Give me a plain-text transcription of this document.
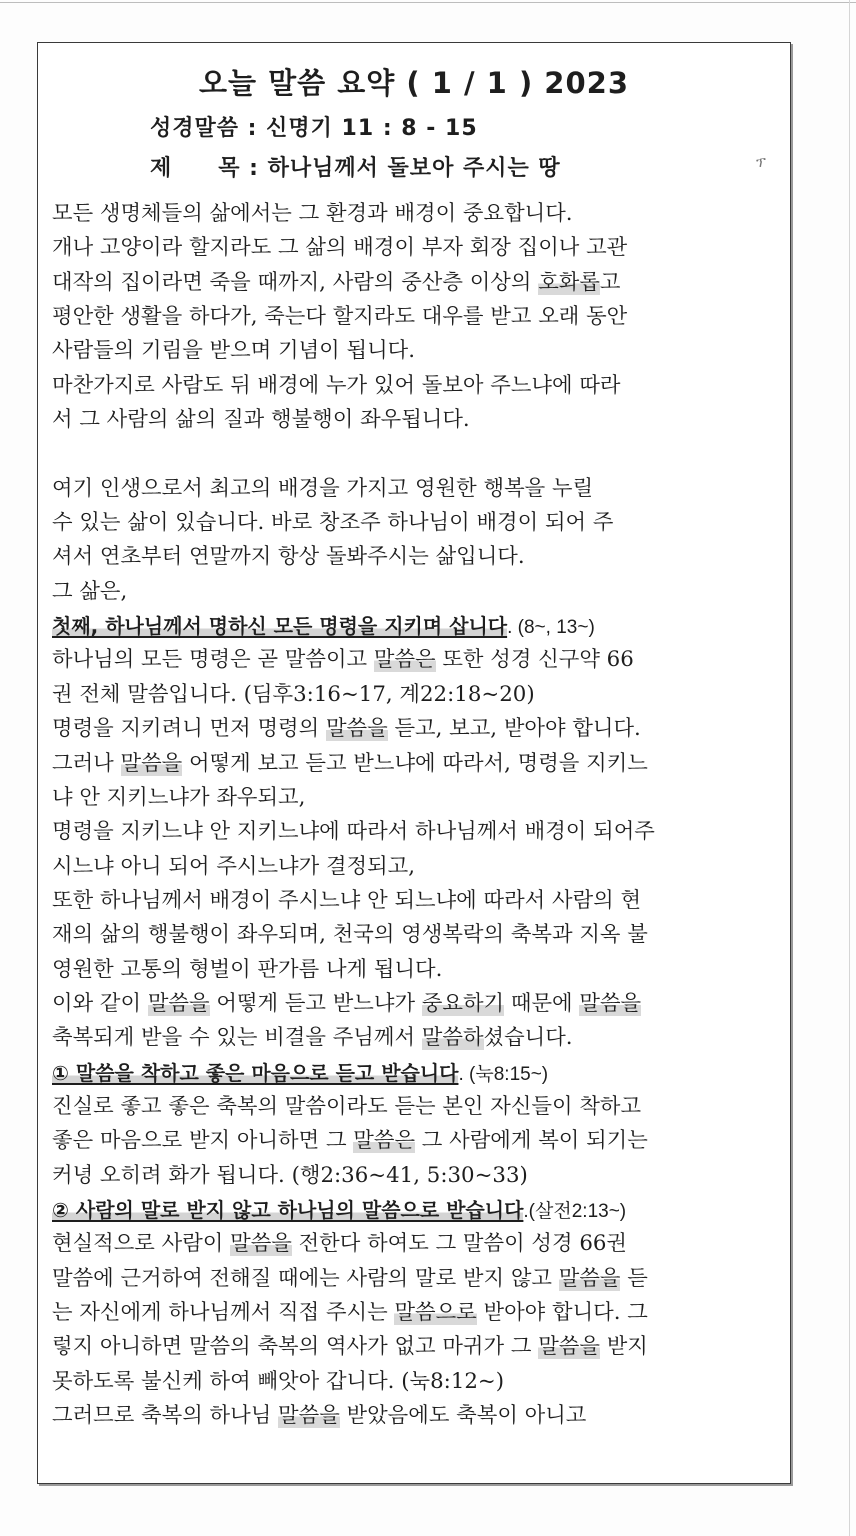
오늘 말씀 요약 ( 1 / 1 ) 2023
성경말씀 : 신명기 11 : 8 - 15
제 목 : 하나님께서 돌보아 주시는 땅	ፕ
모든 생명체들의 삶에서는 그 환경과 배경이 중요합니다.
개나 고양이라 할지라도 그 삶의 배경이 부자 회장 집이나 고관
대작의 집이라면 죽을 때까지, 사람의 중산층 이상의 호화롭고
평안한 생활을 하다가, 죽는다 할지라도 대우를 받고 오래 동안
사람들의 기림을 받으며 기념이 됩니다.
마찬가지로 사람도 뒤 배경에 누가 있어 돌보아 주느냐에 따라
서 그 사람의 삶의 질과 행불행이 좌우됩니다.
여기 인생으로서 최고의 배경을 가지고 영원한 행복을 누릴
수 있는 삶이 있습니다. 바로 창조주 하나님이 배경이 되어 주
셔서 연초부터 연말까지 항상 돌봐주시는 삶입니다.
그 삶은,
첫째, 하나님께서 명하신 모든 명령을 지키며 삽니다. (8~, 13~)
하나님의 모든 명령은 곧 말씀이고 말씀은 또한 성경 신구약 66
권 전체 말씀입니다. (딤후3:16~17, 계22:18~20)
명령을 지키려니 먼저 명령의 말씀을 듣고, 보고, 받아야 합니다.
그러나 말씀을 어떻게 보고 듣고 받느냐에 따라서, 명령을 지키느
냐 안 지키느냐가 좌우되고,
명령을 지키느냐 안 지키느냐에 따라서 하나님께서 배경이 되어주
시느냐 아니 되어 주시느냐가 결정되고,
또한 하나님께서 배경이 주시느냐 안 되느냐에 따라서 사람의 현
재의 삶의 행불행이 좌우되며, 천국의 영생복락의 축복과 지옥 불
영원한 고통의 형벌이 판가름 나게 됩니다.
이와 같이 말씀을 어떻게 듣고 받느냐가 중요하기 때문에 말씀을
축복되게 받을 수 있는 비결을 주님께서 말씀하셨습니다.
① 말씀을 착하고 좋은 마음으로 듣고 받습니다. (눅8:15~)
진실로 좋고 좋은 축복의 말씀이라도 듣는 본인 자신들이 착하고
좋은 마음으로 받지 아니하면 그 말씀은 그 사람에게 복이 되기는
커녕 오히려 화가 됩니다. (행2:36~41, 5:30~33)
② 사람의 말로 받지 않고 하나님의 말씀으로 받습니다.(살전2:13~)
현실적으로 사람이 말씀을 전한다 하여도 그 말씀이 성경 66권
말씀에 근거하여 전해질 때에는 사람의 말로 받지 않고 말씀을 듣
는 자신에게 하나님께서 직접 주시는 말씀으로 받아야 합니다. 그
렇지 아니하면 말씀의 축복의 역사가 없고 마귀가 그 말씀을 받지
못하도록 불신케 하여 빼앗아 갑니다. (눅8:12~)
그러므로 축복의 하나님 말씀을 받았음에도 축복이 아니고
